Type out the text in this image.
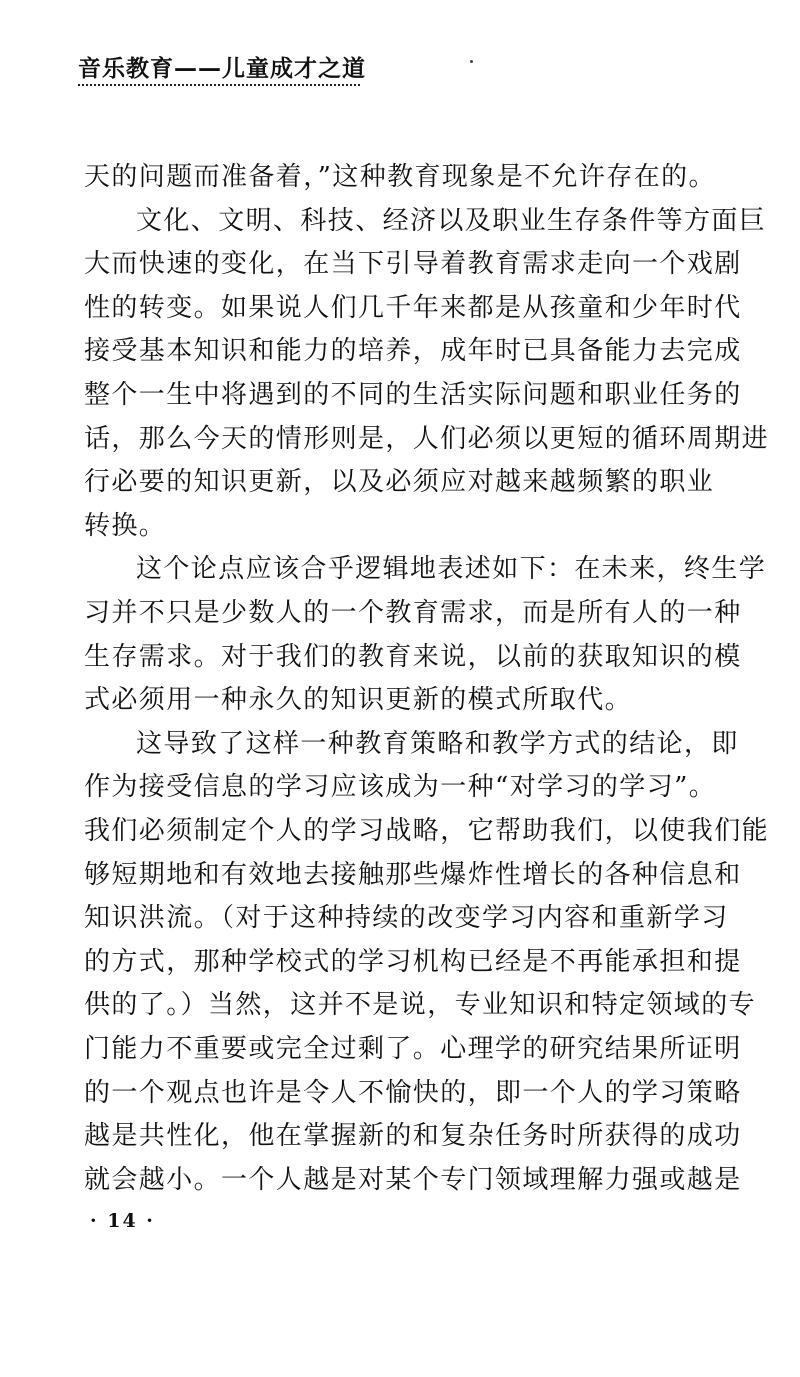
音乐教育——儿童成才之道
天的问题而准备着，”这种教育现象是不允许存在的。
文化、文明、科技、经济以及职业生存条件等方面巨
大而快速的变化，在当下引导着教育需求走向一个戏剧
性的转变。如果说人们几千年来都是从孩童和少年时代
接受基本知识和能力的培养，成年时已具备能力去完成
整个一生中将遇到的不同的生活实际问题和职业任务的
话，那么今天的情形则是，人们必须以更短的循环周期进
行必要的知识更新，以及必须应对越来越频繁的职业
转换。
这个论点应该合乎逻辑地表述如下：在未来，终生学
习并不只是少数人的一个教育需求，而是所有人的一种
生存需求。对于我们的教育来说，以前的获取知识的模
式必须用一种永久的知识更新的模式所取代。
这导致了这样一种教育策略和教学方式的结论，即
作为接受信息的学习应该成为一种“对学习的学习”。
我们必须制定个人的学习战略，它帮助我们，以使我们能
够短期地和有效地去接触那些爆炸性增长的各种信息和
知识洪流。（对于这种持续的改变学习内容和重新学习
的方式，那种学校式的学习机构已经是不再能承担和提
供的了。）当然，这并不是说，专业知识和特定领域的专
门能力不重要或完全过剩了。心理学的研究结果所证明
的一个观点也许是令人不愉快的，即一个人的学习策略
越是共性化，他在掌握新的和复杂任务时所获得的成功
· 14 ·
就会越小。一个人越是对某个专门领域理解力强或越是
